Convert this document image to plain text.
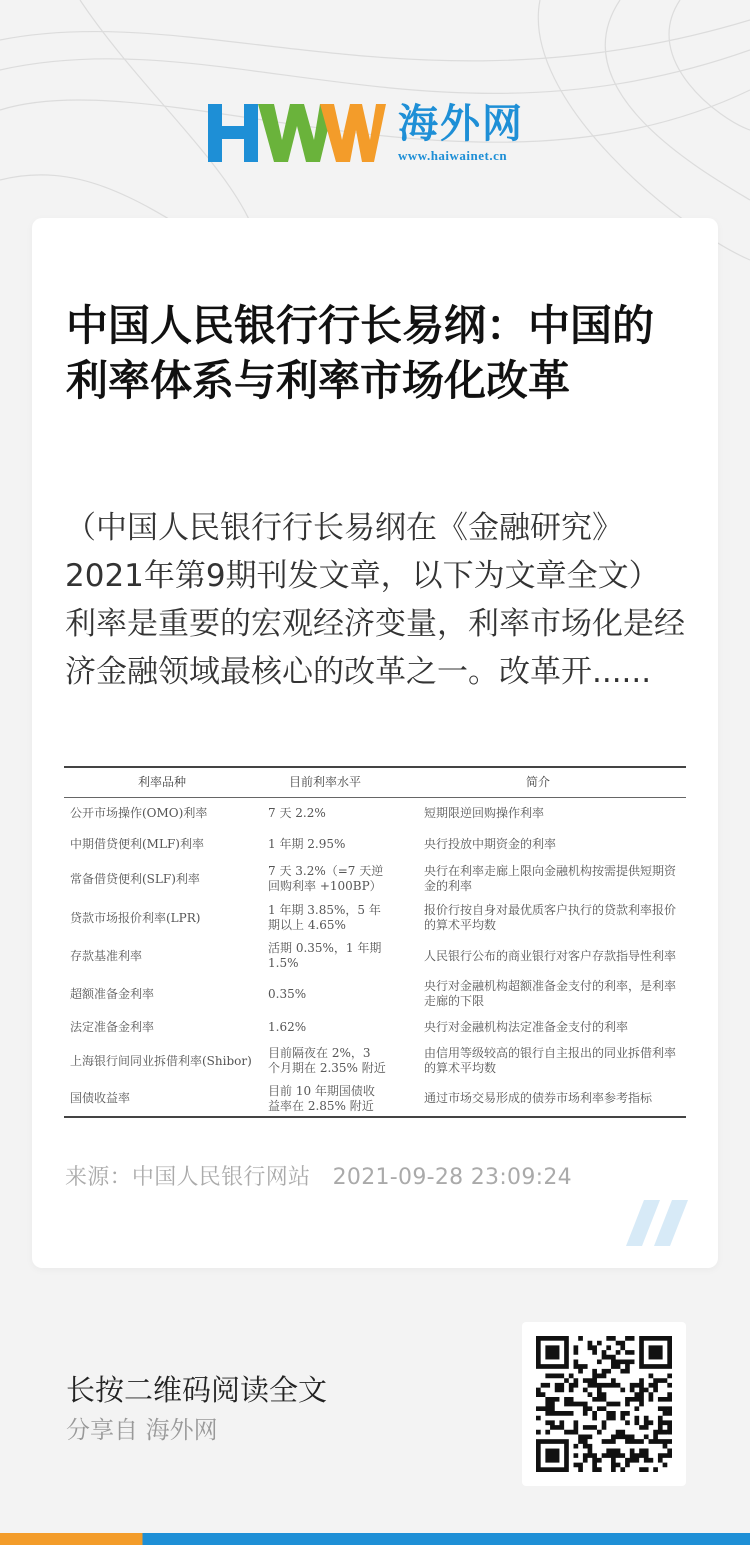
海外网
www.haiwainet.cn
中国人民银行行长易纲：中国的利率体系与利率市场化改革

（中国人民银行行长易纲在《金融研究》2021年第9期刊发文章，以下为文章全文）　　利率是重要的宏观经济变量，利率市场化是经济金融领域最核心的改革之一。改革开......

利率品种	目前利率水平	简介
公开市场操作(OMO)利率	7 天 2.2%	短期限逆回购操作利率
中期借贷便利(MLF)利率	1 年期 2.95%	央行投放中期资金的利率
常备借贷便利(SLF)利率	7 天 3.2%（=7 天逆回购利率 +100BP）	央行在利率走廊上限向金融机构按需提供短期资金的利率
贷款市场报价利率(LPR)	1 年期 3.85%，5 年期以上 4.65%	报价行按自身对最优质客户执行的贷款利率报价的算术平均数
存款基准利率	活期 0.35%，1 年期 1.5%	人民银行公布的商业银行对客户存款指导性利率
超额准备金利率	0.35%	央行对金融机构超额准备金支付的利率，是利率走廊的下限
法定准备金利率	1.62%	央行对金融机构法定准备金支付的利率
上海银行间同业拆借利率(Shibor)	目前隔夜在 2%，3 个月期在 2.35% 附近	由信用等级较高的银行自主报出的同业拆借利率的算术平均数
国债收益率	目前 10 年期国债收益率在 2.85% 附近	通过市场交易形成的债券市场利率参考指标
来源：中国人民银行网站　2021-09-28 23:09:24
长按二维码阅读全文
分享自 海外网
